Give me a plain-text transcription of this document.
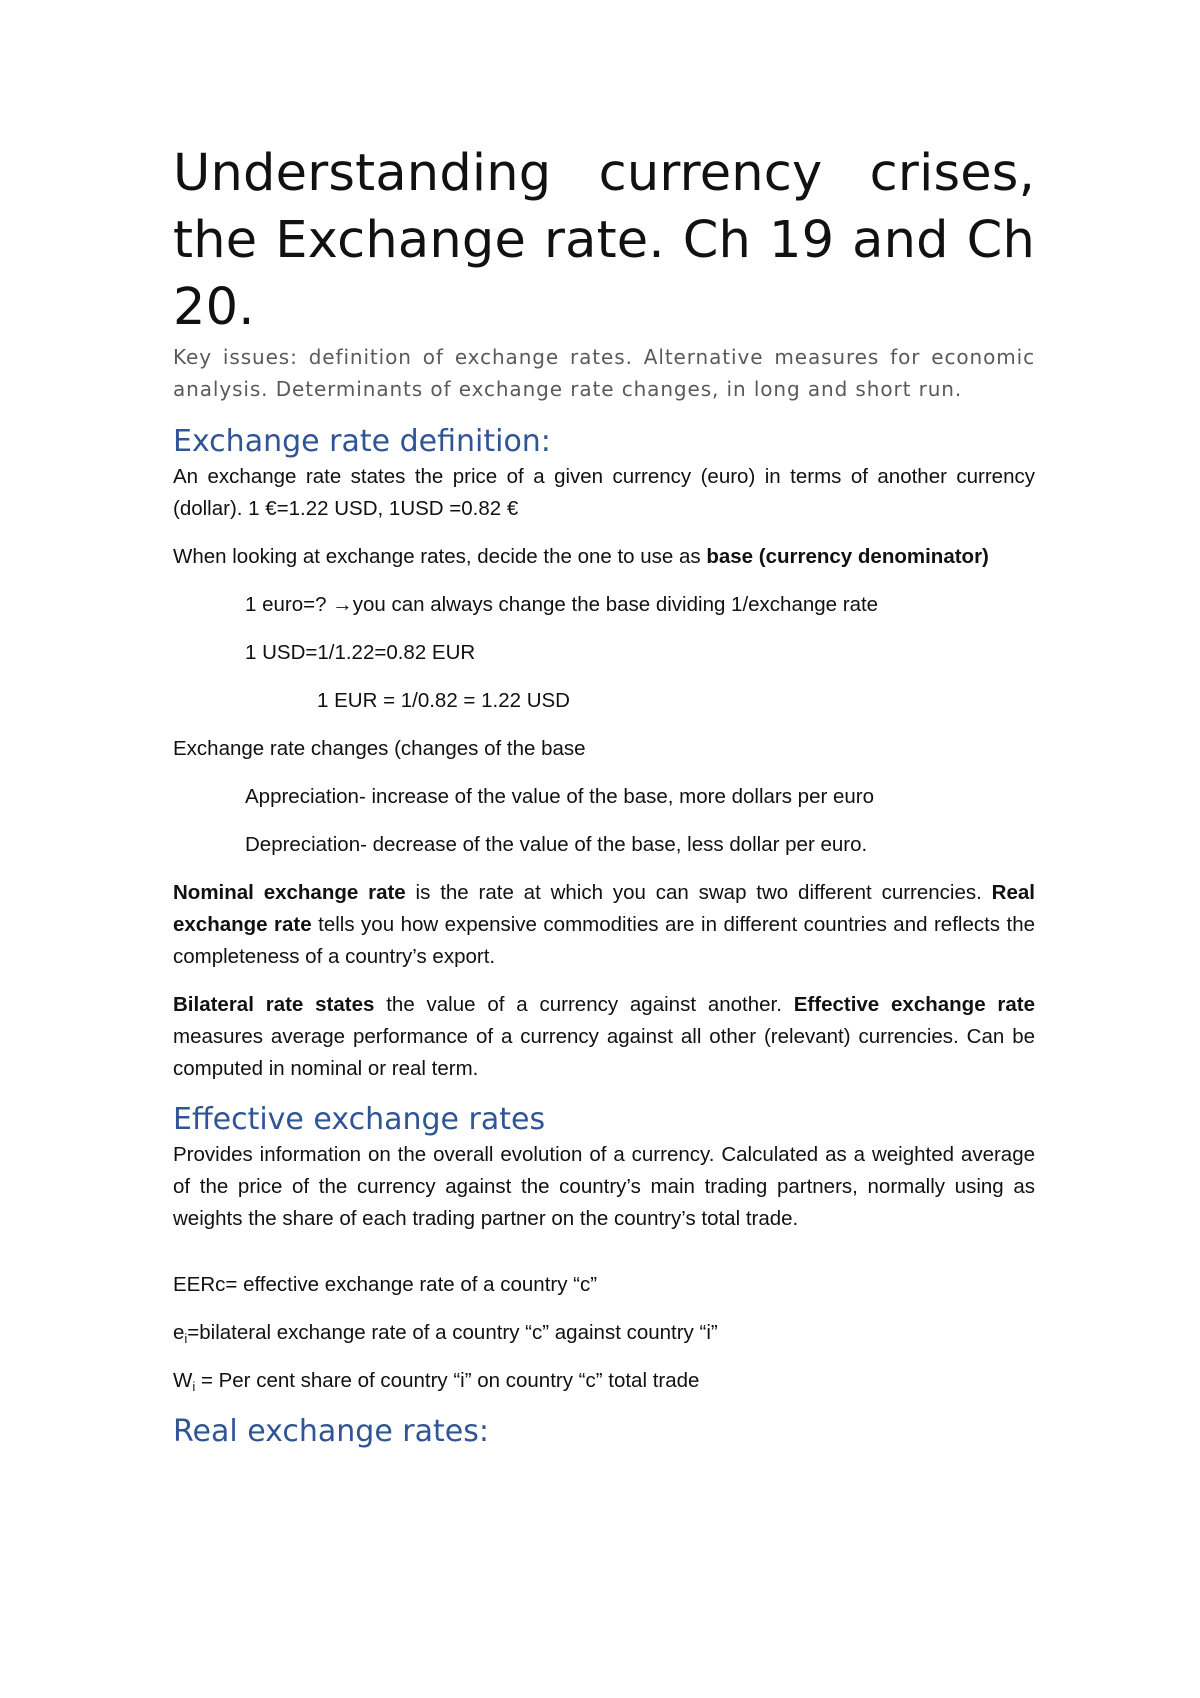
Understanding currency crises, the Exchange rate. Ch 19 and Ch 20.
Key issues: definition of exchange rates. Alternative measures for economic analysis. Determinants of exchange rate changes, in long and short run.
Exchange rate definition:

An exchange rate states the price of a given currency (euro) in terms of another currency (dollar). 1 €=1.22 USD, 1USD =0.82 €

When looking at exchange rates, decide the one to use as base (currency denominator)

1 euro=? →you can always change the base dividing 1/exchange rate

1 USD=1/1.22=0.82 EUR

1 EUR = 1/0.82 = 1.22 USD

Exchange rate changes (changes of the base

Appreciation- increase of the value of the base, more dollars per euro

Depreciation- decrease of the value of the base, less dollar per euro.

Nominal exchange rate is the rate at which you can swap two different currencies. Real exchange rate tells you how expensive commodities are in different countries and reflects the completeness of a country’s export.

Bilateral rate states the value of a currency against another. Effective exchange rate measures average performance of a currency against all other (relevant) currencies. Can be computed in nominal or real term.

Effective exchange rates

Provides information on the overall evolution of a currency. Calculated as a weighted average of the price of the currency against the country’s main trading partners, normally using as weights the share of each trading partner on the country’s total trade.

EERc= effective exchange rate of a country “c”

$e_i=bilateral$ exchange rate of a country “c” against country “i”

$W_i$ = Per cent share of country “i” on country “c” total trade

Real exchange rates:
